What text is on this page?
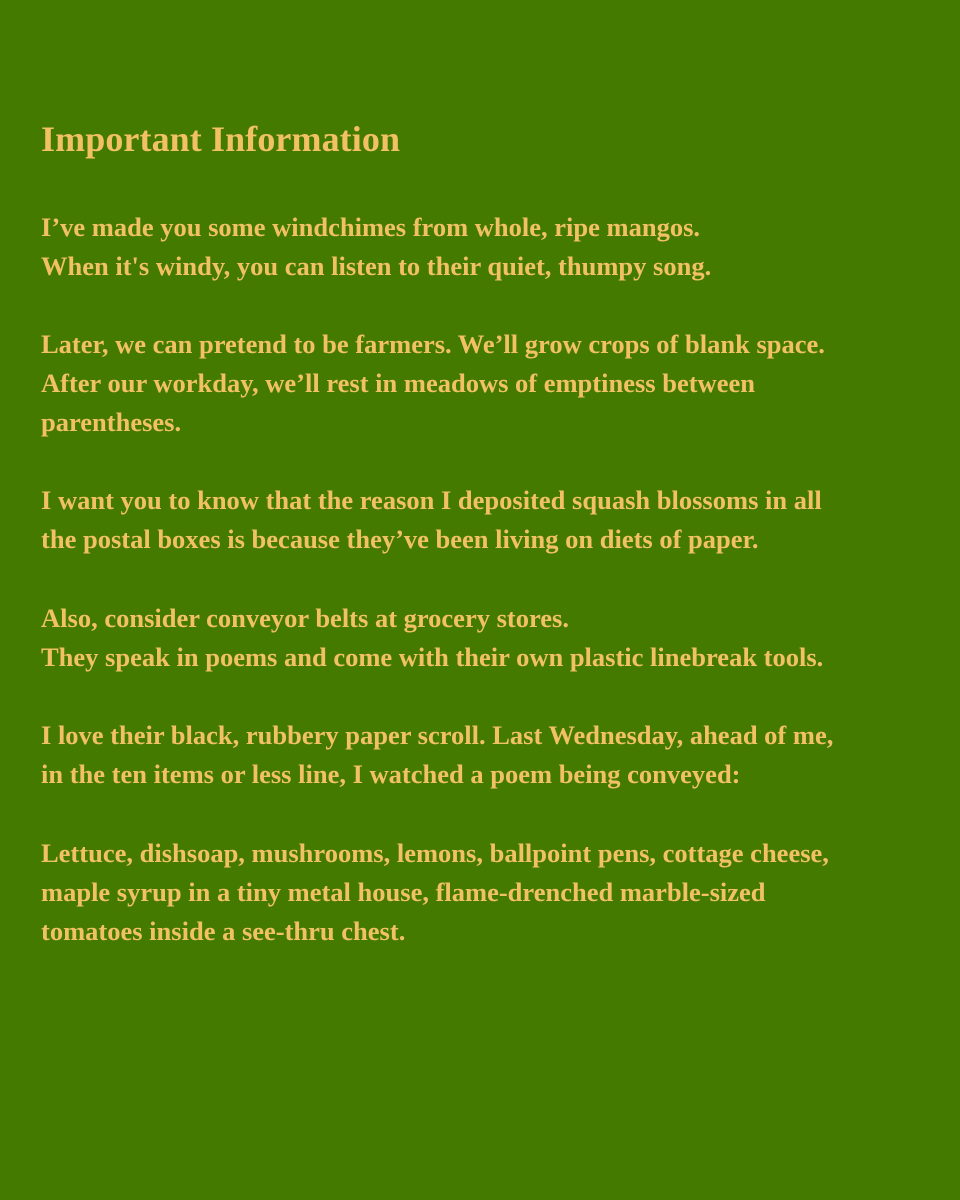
Important Information
I’ve made you some windchimes from whole, ripe mangos.
When it's windy, you can listen to their quiet, thumpy song.
Later, we can pretend to be farmers. We’ll grow crops of blank space.
After our workday, we’ll rest in meadows of emptiness between
parentheses.
I want you to know that the reason I deposited squash blossoms in all
the postal boxes is because they’ve been living on diets of paper.
Also, consider conveyor belts at grocery stores.
They speak in poems and come with their own plastic linebreak tools.
I love their black, rubbery paper scroll. Last Wednesday, ahead of me,
in the ten items or less line, I watched a poem being conveyed:
Lettuce, dishsoap, mushrooms, lemons, ballpoint pens, cottage cheese,
maple syrup in a tiny metal house, flame-drenched marble-sized
tomatoes inside a see-thru chest.
